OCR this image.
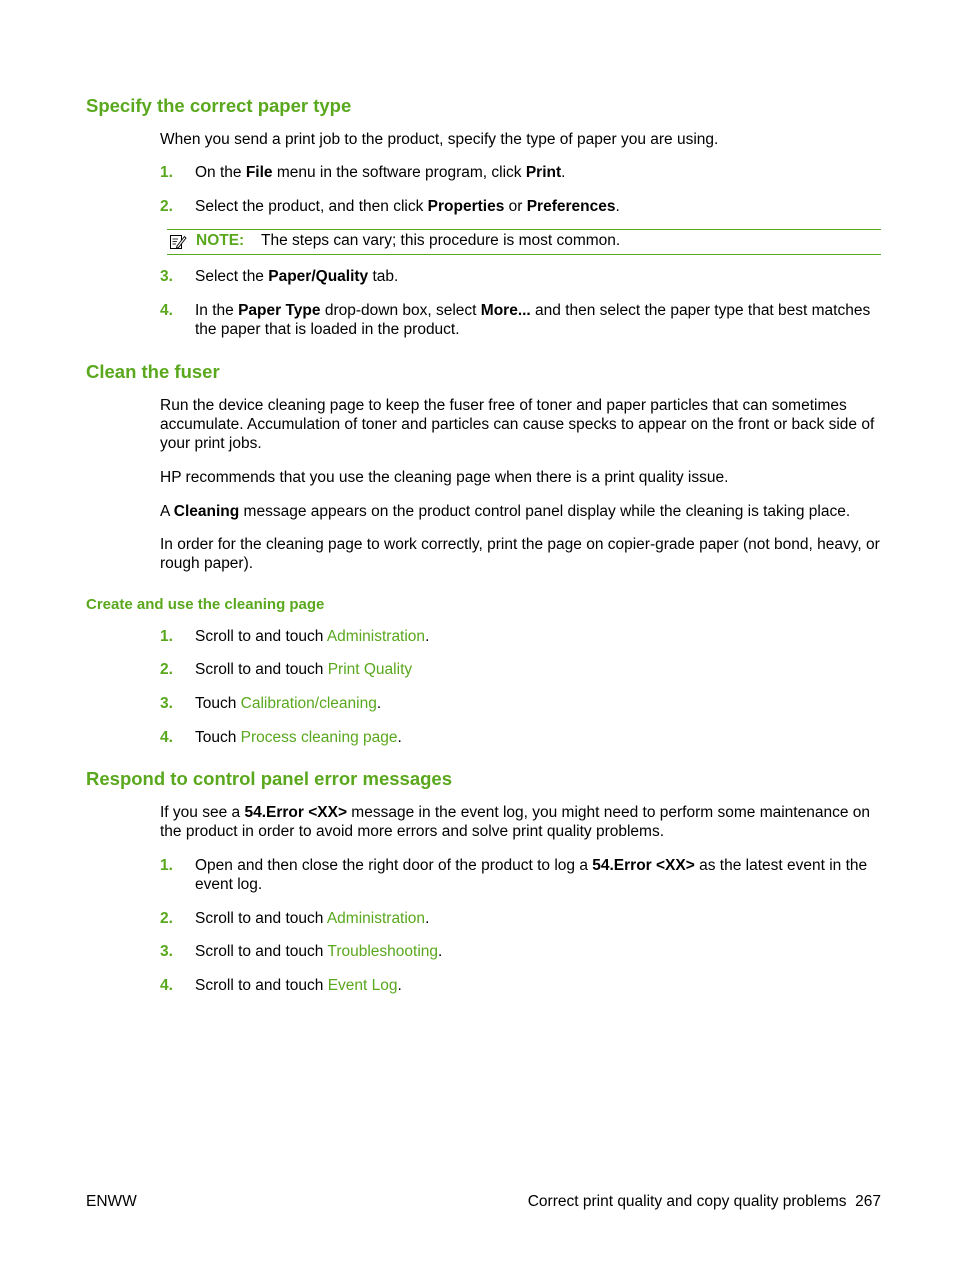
Specify the correct paper type
When you send a print job to the product, specify the type of paper you are using.
1. On the File menu in the software program, click Print.
2. Select the product, and then click Properties or Preferences.
NOTE: The steps can vary; this procedure is most common.
3. Select the Paper/Quality tab.
4. In the Paper Type drop-down box, select More... and then select the paper type that best matches the paper that is loaded in the product.
Clean the fuser
Run the device cleaning page to keep the fuser free of toner and paper particles that can sometimes accumulate. Accumulation of toner and particles can cause specks to appear on the front or back side of your print jobs.
HP recommends that you use the cleaning page when there is a print quality issue.
A Cleaning message appears on the product control panel display while the cleaning is taking place.
In order for the cleaning page to work correctly, print the page on copier-grade paper (not bond, heavy, or rough paper).
Create and use the cleaning page
1. Scroll to and touch Administration.
2. Scroll to and touch Print Quality
3. Touch Calibration/cleaning.
4. Touch Process cleaning page.
Respond to control panel error messages
If you see a 54.Error <XX> message in the event log, you might need to perform some maintenance on the product in order to avoid more errors and solve print quality problems.
1. Open and then close the right door of the product to log a 54.Error <XX> as the latest event in the event log.
2. Scroll to and touch Administration.
3. Scroll to and touch Troubleshooting.
4. Scroll to and touch Event Log.
ENWW	Correct print quality and copy quality problems 267
